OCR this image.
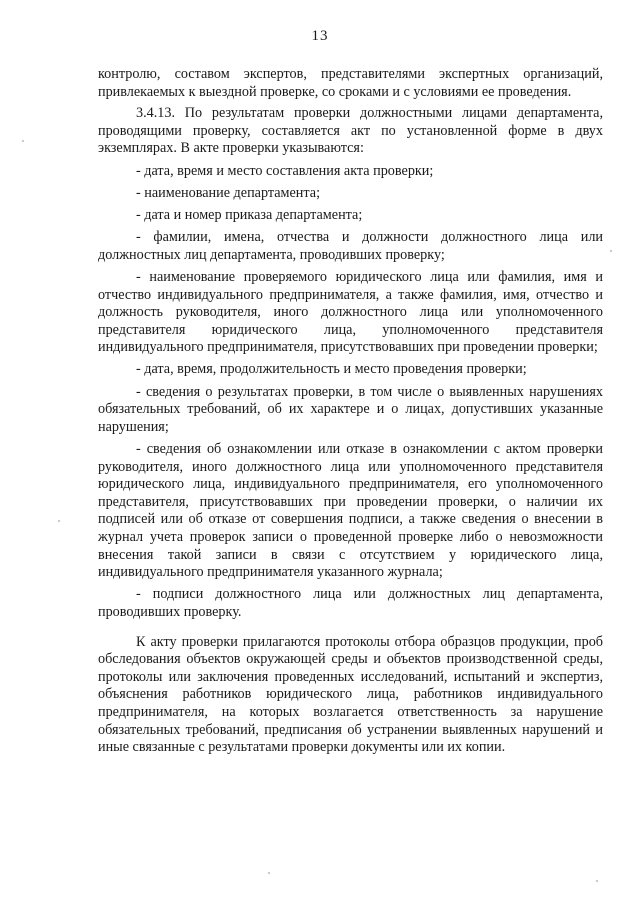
13

контролю, составом экспертов, представителями экспертных организаций, привлекаемых к выездной проверке, со сроками и с условиями ее проведения.

3.4.13. По результатам проверки должностными лицами департамента, проводящими проверку, составляется акт по установленной форме в двух экземплярах. В акте проверки указываются:

- дата, время и место составления акта проверки;

- наименование департамента;

- дата и номер приказа департамента;

- фамилии, имена, отчества и должности должностного лица или должностных лиц департамента, проводивших проверку;

- наименование проверяемого юридического лица или фамилия, имя и отчество индивидуального предпринимателя, а также фамилия, имя, отчество и должность руководителя, иного должностного лица или уполномоченного представителя юридического лица, уполномоченного представителя индивидуального предпринимателя, присутствовавших при проведении проверки;

- дата, время, продолжительность и место проведения проверки;

- сведения о результатах проверки, в том числе о выявленных нарушениях обязательных требований, об их характере и о лицах, допустивших указанные нарушения;

- сведения об ознакомлении или отказе в ознакомлении с актом проверки руководителя, иного должностного лица или уполномоченного представителя юридического лица, индивидуального предпринимателя, его уполномоченного представителя, присутствовавших при проведении проверки, о наличии их подписей или об отказе от совершения подписи, а также сведения о внесении в журнал учета проверок записи о проведенной проверке либо о невозможности внесения такой записи в связи с отсутствием у юридического лица, индивидуального предпринимателя указанного журнала;

- подписи должностного лица или должностных лиц департамента, проводивших проверку.

К акту проверки прилагаются протоколы отбора образцов продукции, проб обследования объектов окружающей среды и объектов производственной среды, протоколы или заключения проведенных исследований, испытаний и экспертиз, объяснения работников юридического лица, работников индивидуального предпринимателя, на которых возлагается ответственность за нарушение обязательных требований, предписания об устранении выявленных нарушений и иные связанные с результатами проверки документы или их копии.
